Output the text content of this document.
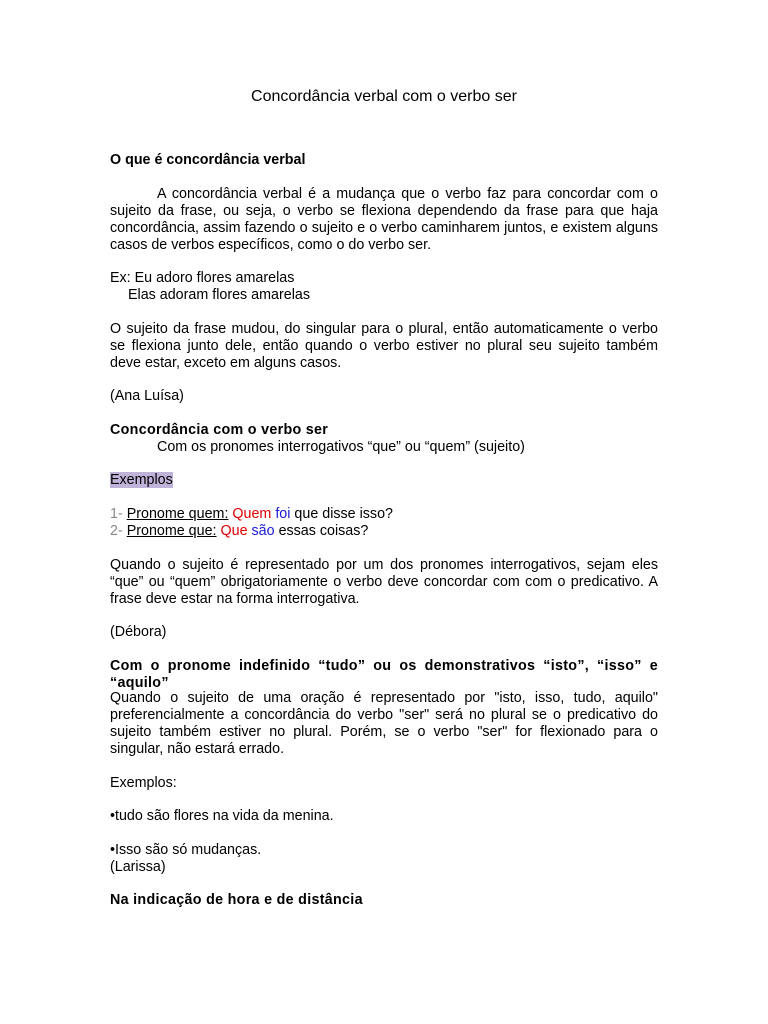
Concordância verbal com o verbo ser
O que é concordância verbal
A concordância verbal é a mudança que o verbo faz para concordar com o sujeito da frase, ou seja, o verbo se flexiona dependendo da frase para que haja concordância, assim fazendo o sujeito e o verbo caminharem juntos, e existem alguns casos de verbos específicos, como o do verbo ser.
Ex: Eu adoro flores amarelas
Elas adoram flores amarelas
O sujeito da frase mudou, do singular para o plural, então automaticamente o verbo se flexiona junto dele, então quando o verbo estiver no plural seu sujeito também deve estar, exceto em alguns casos.
(Ana Luísa)
Concordância com o verbo ser
Com os pronomes interrogativos “que” ou “quem” (sujeito)
Exemplos
1- Pronome quem: Quem foi que disse isso?
2- Pronome que: Que são essas coisas?
Quando o sujeito é representado por um dos pronomes interrogativos, sejam eles “que” ou “quem” obrigatoriamente o verbo deve concordar com com o predicativo. A frase deve estar na forma interrogativa.
(Débora)
Com o pronome indefinido “tudo” ou os demonstrativos “isto”, “isso” e “aquilo”
Quando o sujeito de uma oração é representado por "isto, isso, tudo, aquilo" preferencialmente a concordância do verbo "ser" será no plural se o predicativo do sujeito também estiver no plural. Porém, se o verbo "ser" for flexionado para o singular, não estará errado.
Exemplos:
•tudo são flores na vida da menina.
•Isso são só mudanças.
(Larissa)
Na indicação de hora e de distância
